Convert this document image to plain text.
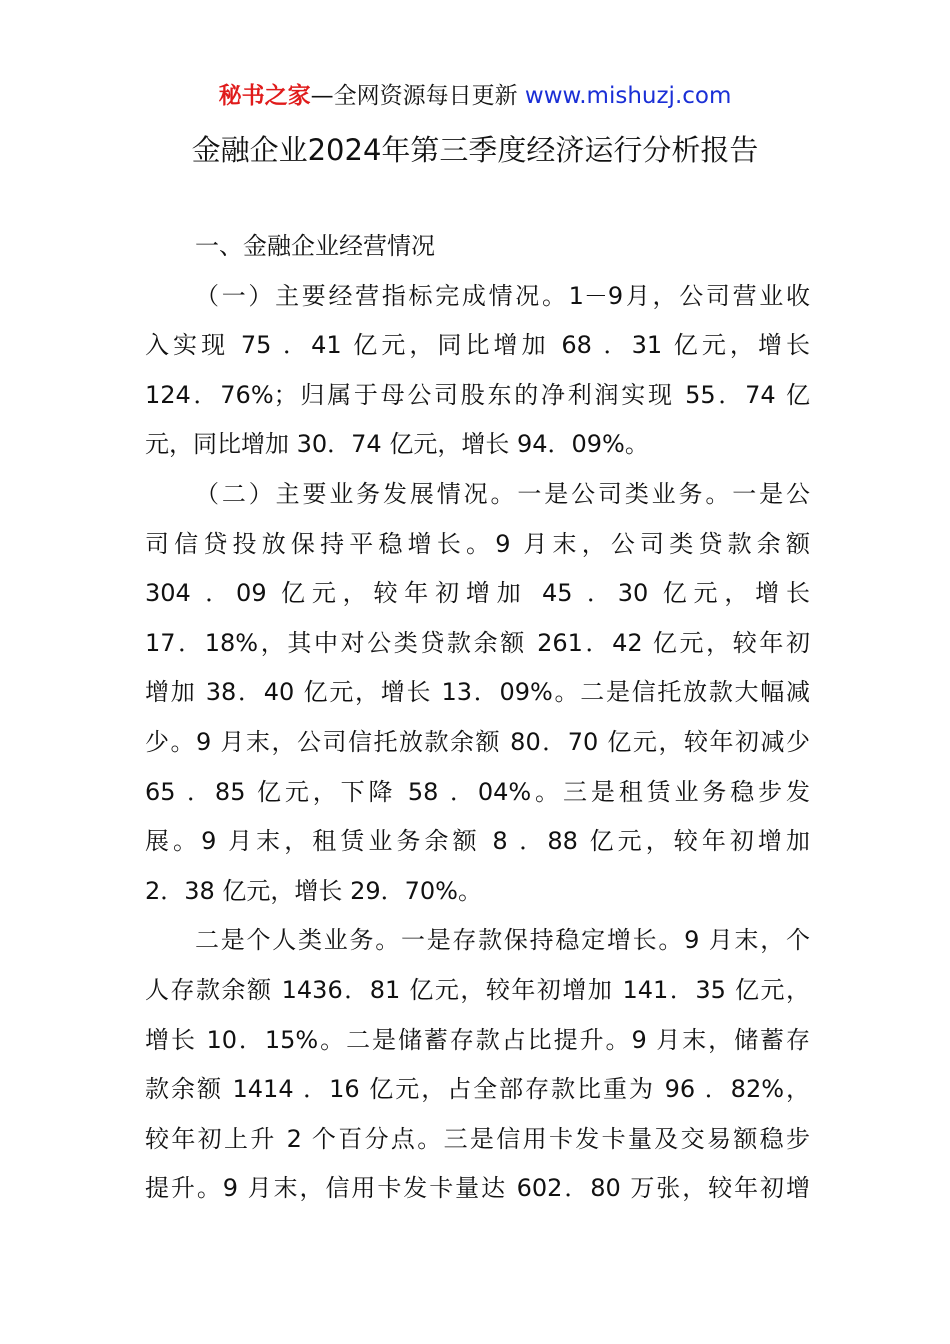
秘书之家—全网资源每日更新 www.mishuzj.com
金融企业2024年第三季度经济运行分析报告
一、金融企业经营情况
（一）主要经营指标完成情况。1－9月，公司营业收
入实现 75 ．41 亿元，同比增加 68 ．31 亿元，增长
124．76%；归属于母公司股东的净利润实现 55．74 亿
元，同比增加 30．74 亿元，增长 94．09%。
（二）主要业务发展情况。一是公司类业务。一是公
司信贷投放保持平稳增长。9 月末，公司类贷款余额
304 ．09 亿元，较年初增加 45 ．30 亿元，增长
17．18%，其中对公类贷款余额 261．42 亿元，较年初
增加 38．40 亿元，增长 13．09%。二是信托放款大幅减
少。9 月末，公司信托放款余额 80．70 亿元，较年初减少
65 ．85 亿元，下降 58 ．04%。三是租赁业务稳步发
展。9 月末，租赁业务余额 8 ．88 亿元，较年初增加
2．38 亿元，增长 29．70%。
二是个人类业务。一是存款保持稳定增长。9 月末，个
人存款余额 1436．81 亿元，较年初增加 141．35 亿元，
增长 10．15%。二是储蓄存款占比提升。9 月末，储蓄存
款余额 1414 ．16 亿元，占全部存款比重为 96 ．82%，
较年初上升 2 个百分点。三是信用卡发卡量及交易额稳步
提升。9 月末，信用卡发卡量达 602．80 万张，较年初增
